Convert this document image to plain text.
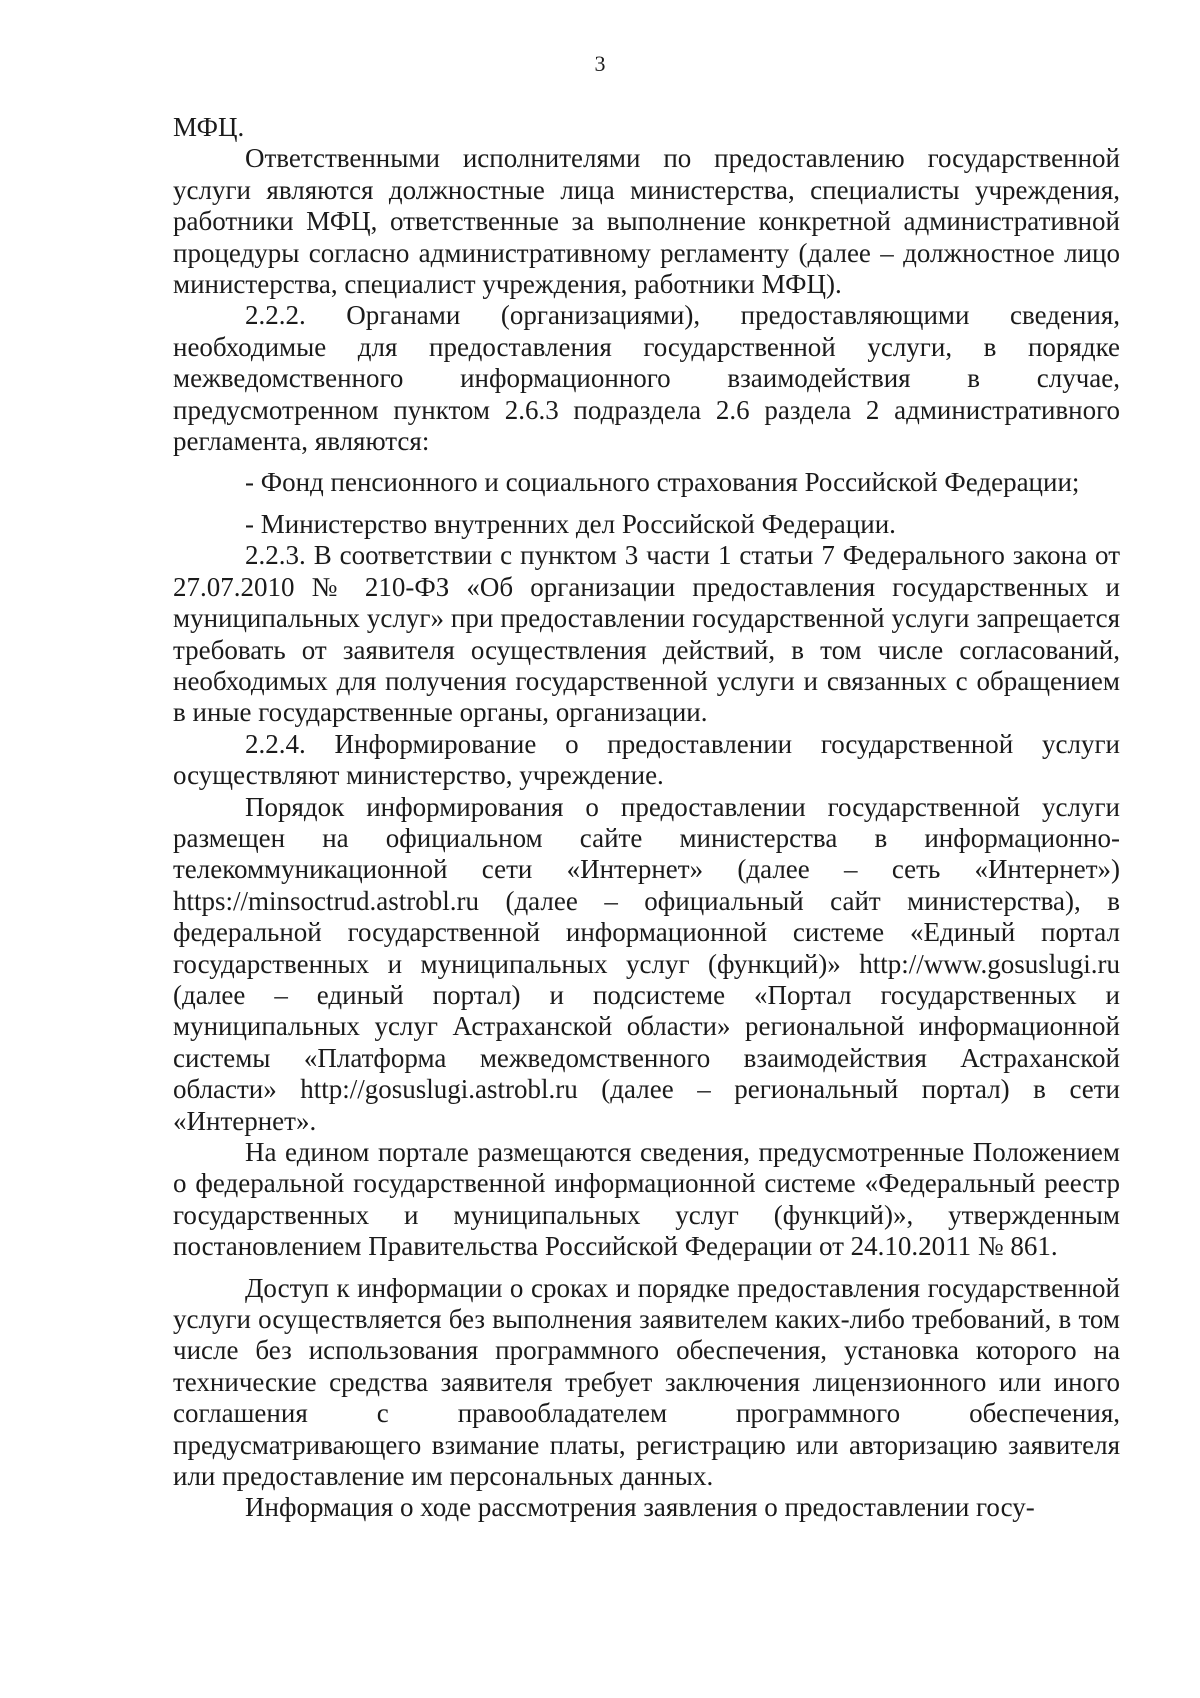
3

МФЦ.

Ответственными исполнителями по предоставлению государственной услуги являются должностные лица министерства, специалисты учреждения, работники МФЦ, ответственные за выполнение конкретной административной процедуры согласно административному регламенту (далее – должностное лицо министерства, специалист учреждения, работники МФЦ).

2.2.2. Органами (организациями), предоставляющими сведения, необходимые для предоставления государственной услуги, в порядке межведомственного информационного взаимодействия в случае, предусмотренном пунктом 2.6.3 подраздела 2.6 раздела 2 административного регламента, являются:

- Фонд пенсионного и социального страхования Российской Федерации;

- Министерство внутренних дел Российской Федерации.

2.2.3. В соответствии с пунктом 3 части 1 статьи 7 Федерального закона от 27.07.2010 № 210-ФЗ «Об организации предоставления государственных и муниципальных услуг» при предоставлении государственной услуги запрещается требовать от заявителя осуществления действий, в том числе согласований, необходимых для получения государственной услуги и связанных с обращением в иные государственные органы, организации.

2.2.4. Информирование о предоставлении государственной услуги осуществляют министерство, учреждение.

Порядок информирования о предоставлении государственной услуги размещен на официальном сайте министерства в информационно-телекоммуникационной сети «Интернет» (далее – сеть «Интернет») https://minsoctrud.astrobl.ru (далее – официальный сайт министерства), в федеральной государственной информационной системе «Единый портал государственных и муниципальных услуг (функций)» http://www.gosuslugi.ru (далее – единый портал) и подсистеме «Портал государственных и муниципальных услуг Астраханской области» региональной информационной системы «Платформа межведомственного взаимодействия Астраханской области» http://gosuslugi.astrobl.ru (далее – региональный портал) в сети «Интернет».

На едином портале размещаются сведения, предусмотренные Положением о федеральной государственной информационной системе «Федеральный реестр государственных и муниципальных услуг (функций)», утвержденным постановлением Правительства Российской Федерации от 24.10.2011 № 861.

Доступ к информации о сроках и порядке предоставления государственной услуги осуществляется без выполнения заявителем каких-либо требований, в том числе без использования программного обеспечения, установка которого на технические средства заявителя требует заключения лицензионного или иного соглашения с правообладателем программного обеспечения, предусматривающего взимание платы, регистрацию или авторизацию заявителя или предоставление им персональных данных.

Информация о ходе рассмотрения заявления о предоставлении госу-
